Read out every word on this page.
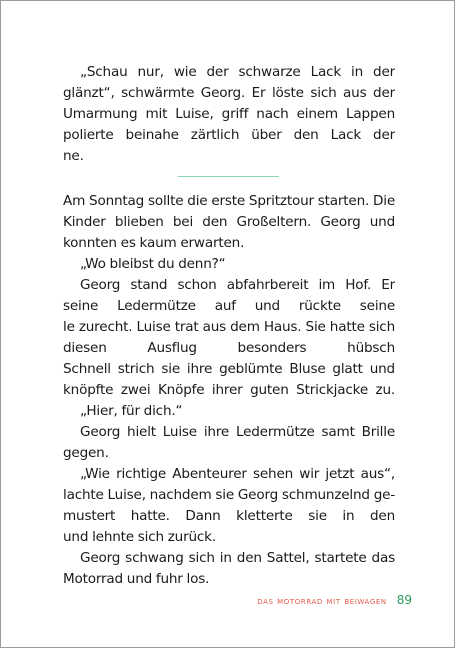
„Schau nur, wie der schwarze Lack in der
glänzt“, schwärmte Georg. Er löste sich aus der
Umarmung mit Luise, griff nach einem Lappen
polierte beinahe zärtlich über den Lack der
ne.
Am Sonntag sollte die erste Spritztour starten. Die
Kinder blieben bei den Großeltern. Georg und
konnten es kaum erwarten.
„Wo bleibst du denn?“
Georg stand schon abfahrbereit im Hof. Er
seine Ledermütze auf und rückte seine
le zurecht. Luise trat aus dem Haus. Sie hatte sich
diesen Ausflug besonders hübsch
Schnell strich sie ihre geblümte Bluse glatt und
knöpfte zwei Knöpfe ihrer guten Strickjacke zu.
„Hier, für dich.“
Georg hielt Luise ihre Ledermütze samt Brille
gegen.
„Wie richtige Abenteurer sehen wir jetzt aus“,
lachte Luise, nachdem sie Georg schmunzelnd ge-
mustert hatte. Dann kletterte sie in den
und lehnte sich zurück.
Georg schwang sich in den Sattel, startete das
Motorrad und fuhr los.
das motorrad mit beiwagen 89
